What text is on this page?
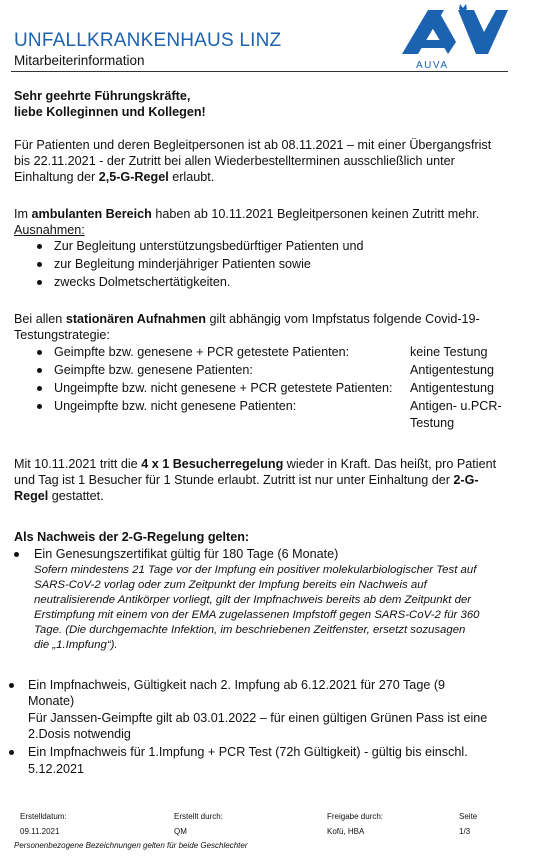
UNFALLKRANKENHAUS LINZ
Mitarbeiterinformation	AUVA
Sehr geehrte Führungskräfte,
liebe Kolleginnen und Kollegen!
Für Patienten und deren Begleitpersonen ist ab 08.11.2021 – mit einer Übergangsfrist
bis 22.11.2021 - der Zutritt bei allen Wiederbestellterminen ausschließlich unter
Einhaltung der 2,5-G-Regel erlaubt.
Im ambulanten Bereich haben ab 10.11.2021 Begleitpersonen keinen Zutritt mehr.
Ausnahmen:
Zur Begleitung unterstützungsbedürftiger Patienten und
zur Begleitung minderjähriger Patienten sowie
zwecks Dolmetschertätigkeiten.
Bei allen stationären Aufnahmen gilt abhängig vom Impfstatus folgende Covid-19-
Testungstrategie:
Geimpfte bzw. genesene + PCR getestete Patienten:	keine Testung
Geimpfte bzw. genesene Patienten:	Antigentestung
Ungeimpfte bzw. nicht genesene + PCR getestete Patienten: Antigentestung
Ungeimpfte bzw. nicht genesene Patienten:	Antigen- u.PCR-
Testung
Mit 10.11.2021 tritt die 4 x 1 Besucherregelung wieder in Kraft. Das heißt, pro Patient
und Tag ist 1 Besucher für 1 Stunde erlaubt. Zutritt ist nur unter Einhaltung der 2-G-
Regel gestattet.
Als Nachweis der 2-G-Regelung gelten:
Ein Genesungszertifikat gültig für 180 Tage (6 Monate)
Sofern mindestens 21 Tage vor der Impfung ein positiver molekularbiologischer Test auf
SARS-CoV-2 vorlag oder zum Zeitpunkt der Impfung bereits ein Nachweis auf
neutralisierende Antikörper vorliegt, gilt der Impfnachweis bereits ab dem Zeitpunkt der
Erstimpfung mit einem von der EMA zugelassenen Impfstoff gegen SARS-CoV-2 für 360
Tage. (Die durchgemachte Infektion, im beschriebenen Zeitfenster, ersetzt sozusagen
die „1.Impfung“).
Ein Impfnachweis, Gültigkeit nach 2. Impfung ab 6.12.2021 für 270 Tage (9
Monate)
Für Janssen-Geimpfte gilt ab 03.01.2022 – für einen gültigen Grünen Pass ist eine
2.Dosis notwendig
Ein Impfnachweis für 1.Impfung + PCR Test (72h Gültigkeit) - gültig bis einschl.
5.12.2021
Erstelldatum:
09.11.2021
Erstellt durch:
QM
Freigabe durch:
Kofü, HBA
Seite
1/3
Personenbezogene Bezeichnungen gelten für beide Geschlechter
